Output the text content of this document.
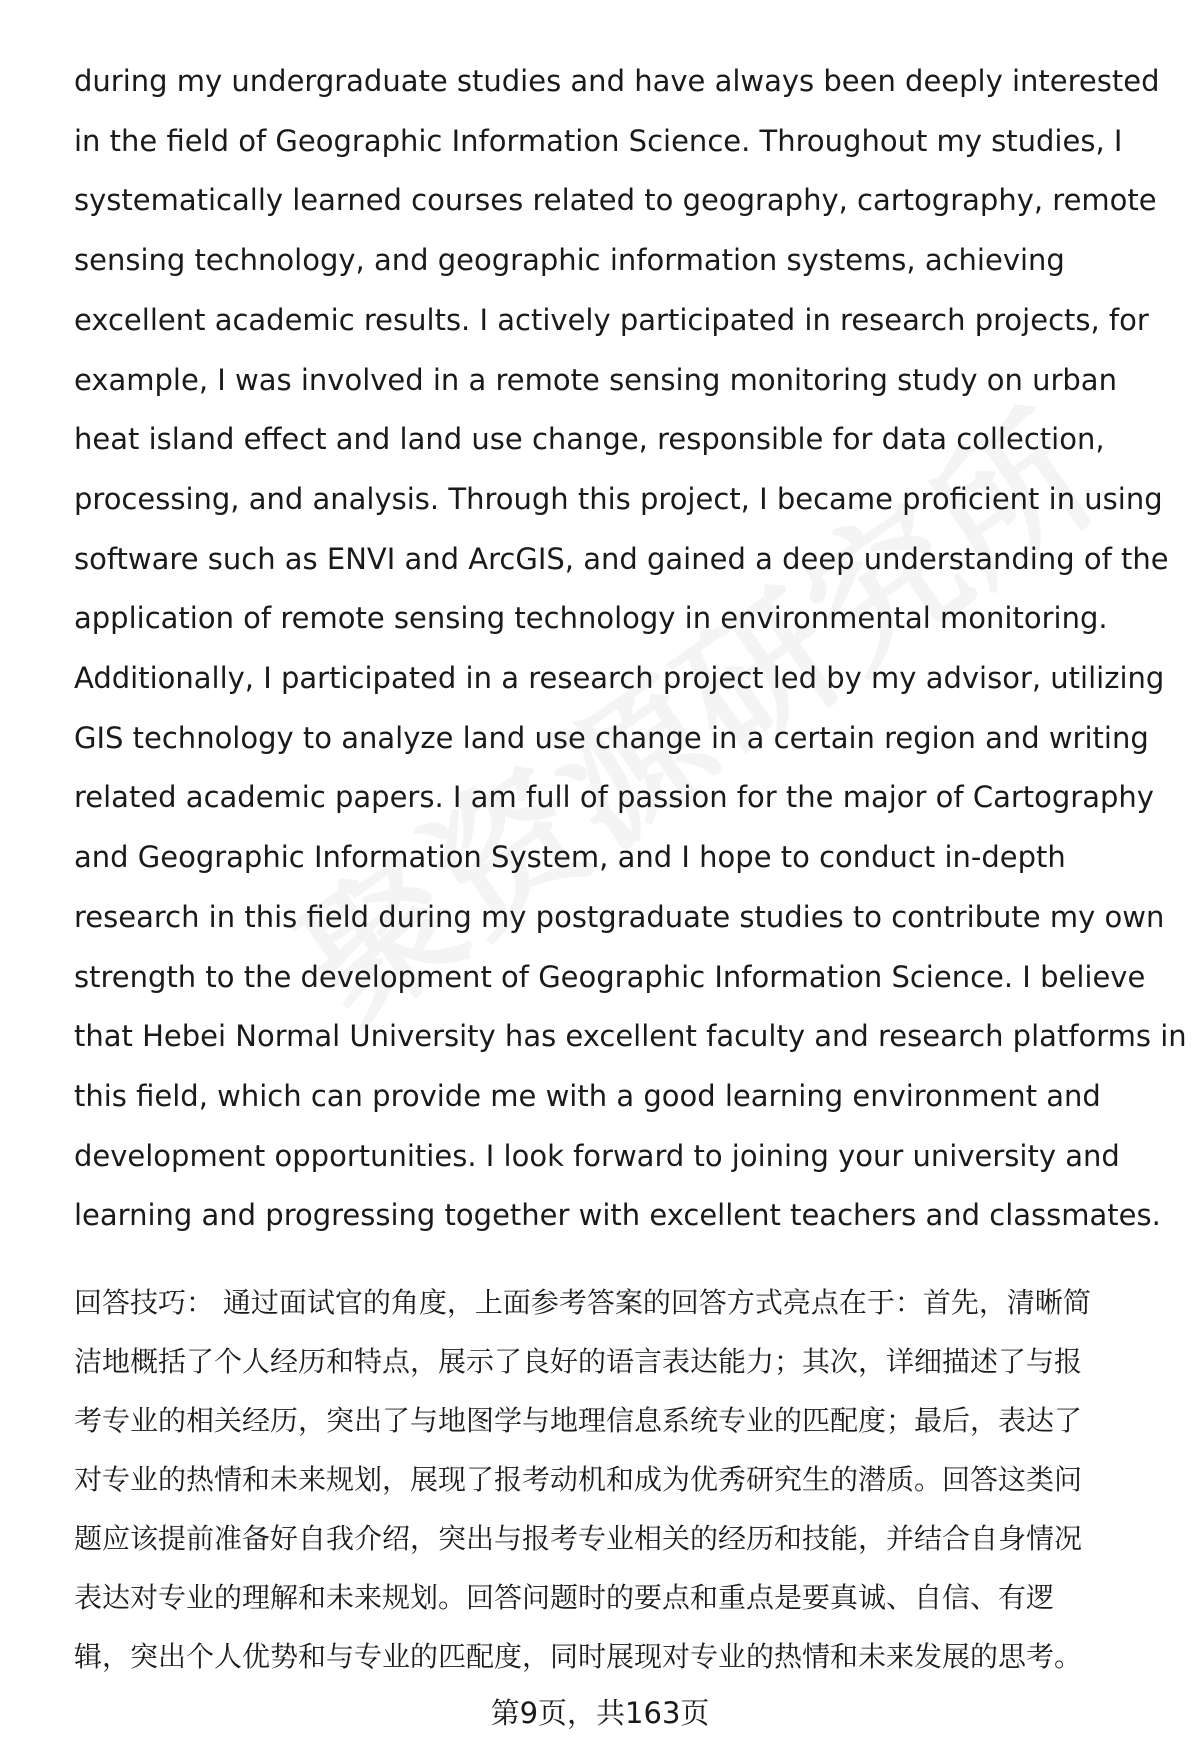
during my undergraduate studies and have always been deeply interested
in the field of Geographic Information Science. Throughout my studies, I
systematically learned courses related to geography, cartography, remote
sensing technology, and geographic information systems, achieving
excellent academic results. I actively participated in research projects, for
example, I was involved in a remote sensing monitoring study on urban
heat island effect and land use change, responsible for data collection,
processing, and analysis. Through this project, I became proficient in using
software such as ENVI and ArcGIS, and gained a deep understanding of the
application of remote sensing technology in environmental monitoring.
Additionally, I participated in a research project led by my advisor, utilizing
GIS technology to analyze land use change in a certain region and writing
related academic papers. I am full of passion for the major of Cartography
and Geographic Information System, and I hope to conduct in-depth
research in this field during my postgraduate studies to contribute my own
strength to the development of Geographic Information Science. I believe
that Hebei Normal University has excellent faculty and research platforms in
this field, which can provide me with a good learning environment and
development opportunities. I look forward to joining your university and
learning and progressing together with excellent teachers and classmates.
回答技巧： 通过面试官的角度，上面参考答案的回答方式亮点在于：首先，清晰简
洁地概括了个人经历和特点，展示了良好的语言表达能力；其次，详细描述了与报
考专业的相关经历，突出了与地图学与地理信息系统专业的匹配度；最后，表达了
对专业的热情和未来规划，展现了报考动机和成为优秀研究生的潜质。回答这类问
题应该提前准备好自我介绍，突出与报考专业相关的经历和技能，并结合自身情况
表达对专业的理解和未来规划。回答问题时的要点和重点是要真诚、自信、有逻
辑，突出个人优势和与专业的匹配度，同时展现对专业的热情和未来发展的思考。
第9页，共163页
